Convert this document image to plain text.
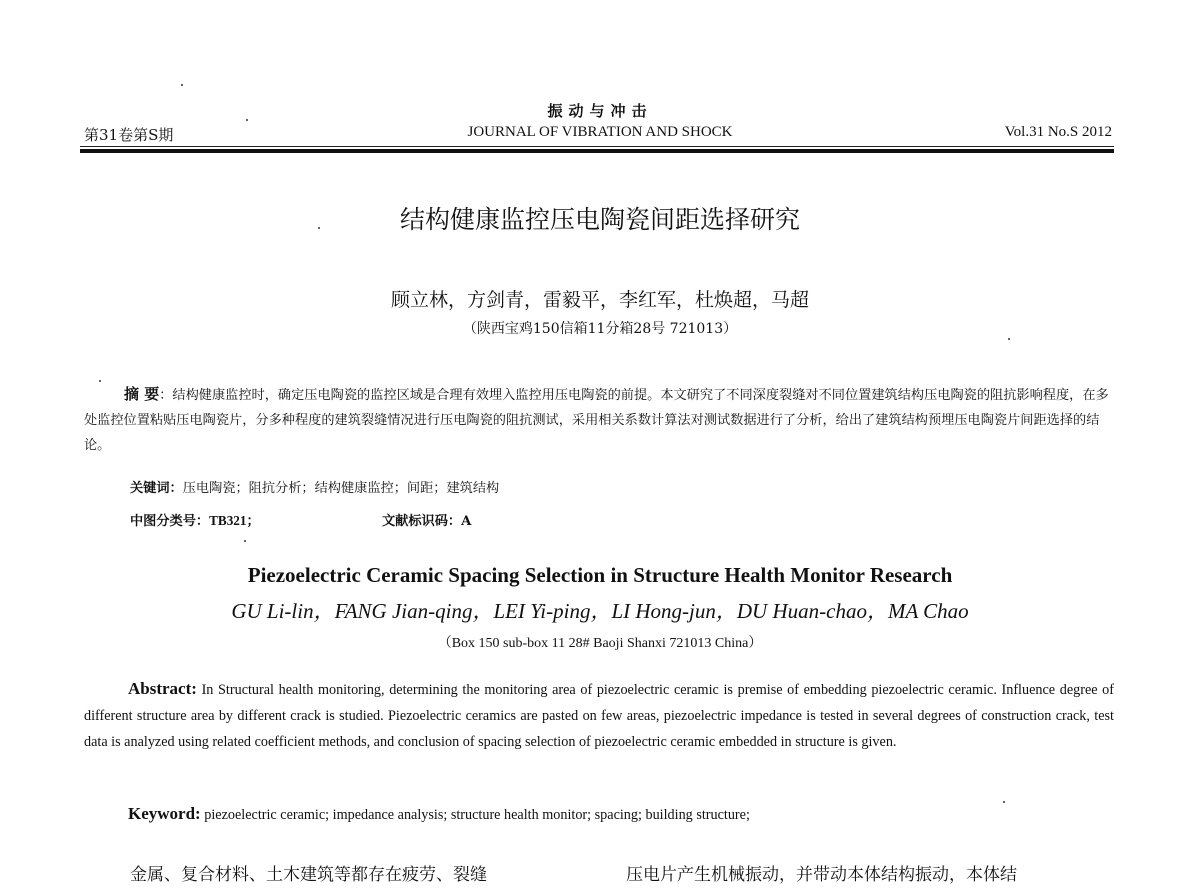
振动与冲击
第31卷第S期	JOURNAL OF VIBRATION AND SHOCK	Vol.31 No.S 2012
结构健康监控压电陶瓷间距选择研究
顾立林，方剑青，雷毅平，李红军，杜焕超，马超
（陕西宝鸡150信箱11分箱28号 721013）
摘 要：结构健康监控时，确定压电陶瓷的监控区域是合理有效埋入监控用压电陶瓷的前提。本文研究了不同深度裂缝对不同位置建筑结构压电陶瓷的阻抗影响程度，在多处监控位置粘贴压电陶瓷片，分多种程度的建筑裂缝情况进行压电陶瓷的阻抗测试，采用相关系数计算法对测试数据进行了分析，给出了建筑结构预埋压电陶瓷片间距选择的结论。
关键词：压电陶瓷；阻抗分析；结构健康监控；间距；建筑结构
中图分类号：TB321；	文献标识码：A
Piezoelectric Ceramic Spacing Selection in Structure Health Monitor Research
GU Li-lin，FANG Jian-qing，LEI Yi-ping，LI Hong-jun，DU Huan-chao，MA Chao
（Box 150 sub-box 11 28# Baoji Shanxi 721013 China）
Abstract: In Structural health monitoring, determining the monitoring area of piezoelectric ceramic is premise of embedding piezoelectric ceramic. Influence degree of different structure area by different crack is studied. Piezoelectric ceramics are pasted on few areas, piezoelectric impedance is tested in several degrees of construction crack, test data is analyzed using related coefficient methods, and conclusion of spacing selection of piezoelectric ceramic embedded in structure is given.
Keyword: piezoelectric ceramic; impedance analysis; structure health monitor; spacing; building structure;
金属、复合材料、土木建筑等都存在疲劳、裂缝	压电片产生机械振动，并带动本体结构振动，本体结
